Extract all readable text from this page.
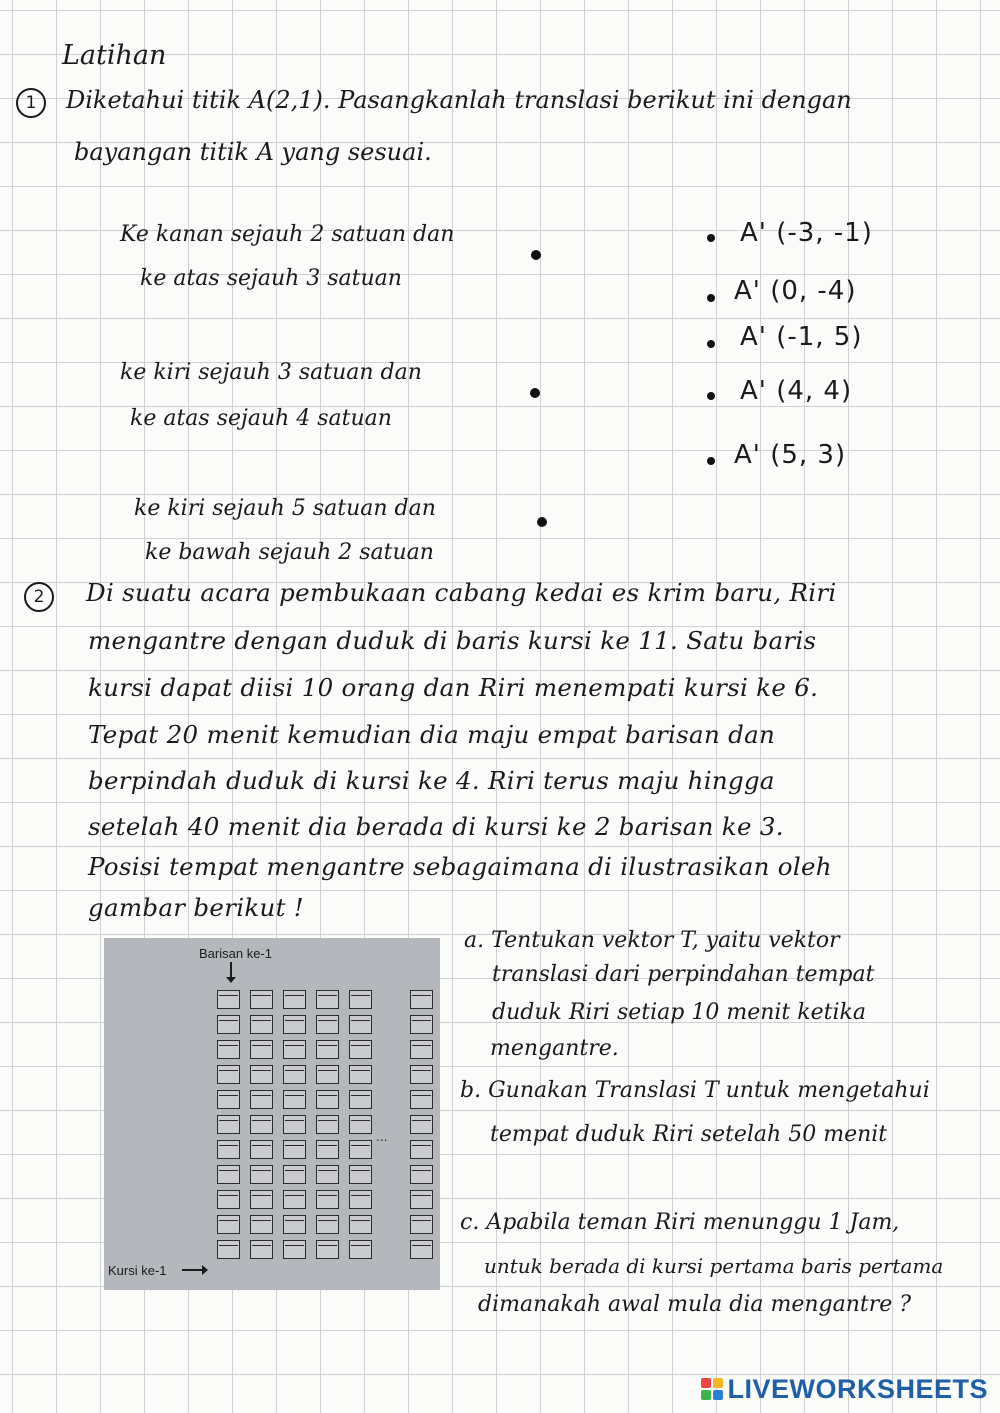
Latihan
1	Diketahui titik A(2,1). Pasangkanlah translasi berikut ini dengan
bayangan titik A yang sesuai.
Ke kanan sejauh 2 satuan dan
ke atas sejauh 3 satuan
ke kiri sejauh 3 satuan dan
ke atas sejauh 4 satuan
ke kiri sejauh 5 satuan dan
ke bawah sejauh 2 satuan
A' (-3, -1)
A' (0, -4)
A' (-1, 5)
A' (4, 4)
A' (5, 3)
2	Di suatu acara pembukaan cabang kedai es krim baru, Riri
mengantre dengan duduk di baris kursi ke 11. Satu baris
kursi dapat diisi 10 orang dan Riri menempati kursi ke 6.
Tepat 20 menit kemudian dia maju empat barisan dan
berpindah duduk di kursi ke 4. Riri terus maju hingga
setelah 40 menit dia berada di kursi ke 2 barisan ke 3.
Posisi tempat mengantre sebagaimana di ilustrasikan oleh
gambar berikut !
Barisan ke-1
Kursi ke-1
...
a. Tentukan vektor T, yaitu vektor
translasi dari perpindahan tempat
duduk Riri setiap 10 menit ketika
mengantre.
b. Gunakan Translasi T untuk mengetahui
tempat duduk Riri setelah 50 menit
c. Apabila teman Riri menunggu 1 Jam,
untuk berada di kursi pertama baris pertama
dimanakah awal mula dia mengantre ?
LIVEWORKSHEETS
